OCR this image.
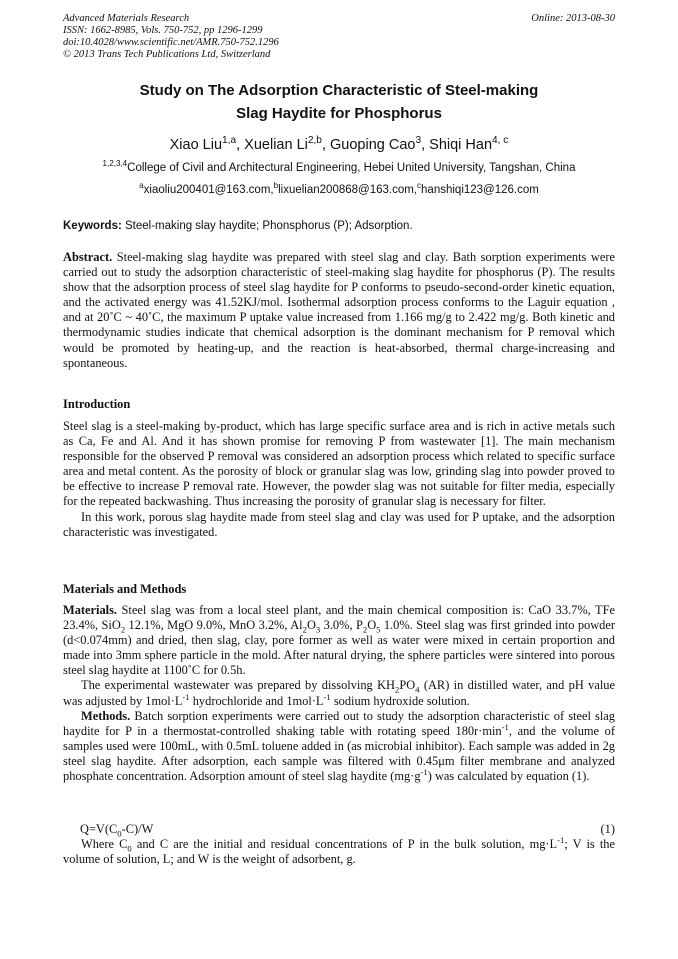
Advanced Materials Research
ISSN: 1662-8985, Vols. 750-752, pp 1296-1299
doi:10.4028/www.scientific.net/AMR.750-752.1296
© 2013 Trans Tech Publications Ltd, Switzerland
Online: 2013-08-30
Study on The Adsorption Characteristic of Steel-making
Slag Haydite for Phosphorus
Xiao Liu$^{1,a}$, Xuelian Li$^{2,b}$, Guoping Cao$^3$, Shiqi Han$^{4, c}$
$^{1,2,3,4}$College of Civil and Architectural Engineering, Hebei United University, Tangshan, China
$^a$xiaoliu200401@163.com,$^b$lixuelian200868@163.com,$^c$hanshiqi123@126.com
Keywords: Steel-making slay haydite; Phonsphorus (P); Adsorption.

Abstract. Steel-making slag haydite was prepared with steel slag and clay. Bath sorption experiments were carried out to study the adsorption characteristic of steel-making slag haydite for phosphorus (P). The results show that the adsorption process of steel slag haydite for P conforms to pseudo-second-order kinetic equation, and the activated energy was 41.52KJ/mol. Isothermal adsorption process conforms to the Laguir equation , and at 20˚C ~ 40˚C, the maximum P uptake value increased from 1.166 mg/g to 2.422 mg/g. Both kinetic and thermodynamic studies indicate that chemical adsorption is the dominant mechanism for P removal which would be promoted by heating-up, and the reaction is heat-absorbed, thermal charge-increasing and spontaneous.

Introduction

Steel slag is a steel-making by-product, which has large specific surface area and is rich in active metals such as Ca, Fe and Al. And it has shown promise for removing P from wastewater [1]. The main mechanism responsible for the observed P removal was considered an adsorption process which related to specific surface area and metal content. As the porosity of block or granular slag was low, grinding slag into powder proved to be effective to increase P removal rate. However, the powder slag was not suitable for filter media, especially for the repeated backwashing. Thus increasing the porosity of granular slag is necessary for filter.

In this work, porous slag haydite made from steel slag and clay was used for P uptake, and the adsorption characteristic was investigated.

Materials and Methods

Materials. Steel slag was from a local steel plant, and the main chemical composition is: CaO 33.7%, TFe 23.4%, SiO$_2$ 12.1%, MgO 9.0%, MnO 3.2%, $Al_2O_3$ 3.0%, $P_2O_5$ 1.0%. Steel slag was first grinded into powder (d<0.074mm) and dried, then slag, clay, pore former as well as water were mixed in certain proportion and made into 3mm sphere particle in the mold. After natural drying, the sphere particles were sintered into porous steel slag haydite at 1100˚C for 0.5h.

The experimental wastewater was prepared by dissolving $KH_2PO_4$ (AR) in distilled water, and pH value was adjusted by $1mol\cdot L^{-1}$ hydrochloride and $1mol\cdot L^{-1}$ sodium hydroxide solution.

Methods. Batch sorption experiments were carried out to study the adsorption characteristic of steel slag haydite for P in a thermostat-controlled shaking table with rotating speed $180r\cdot\min^{-1}$, and the volume of samples used were 100mL, with 0.5mL toluene added in (as microbial inhibitor). Each sample was added in 2g steel slag haydite. After adsorption, each sample was filtered with 0.45μm filter membrane and analyzed phosphate concentration. Adsorption amount of steel slag haydite $(mg\cdot g^{-1})$ was calculated by equation (1).

$Q=V(C_0-C)/W$	(1)

Where $C_0$ and C are the initial and residual concentrations of P in the bulk solution, $mg\cdot L^{-1}$; V is the volume of solution, L; and W is the weight of adsorbent, g.
